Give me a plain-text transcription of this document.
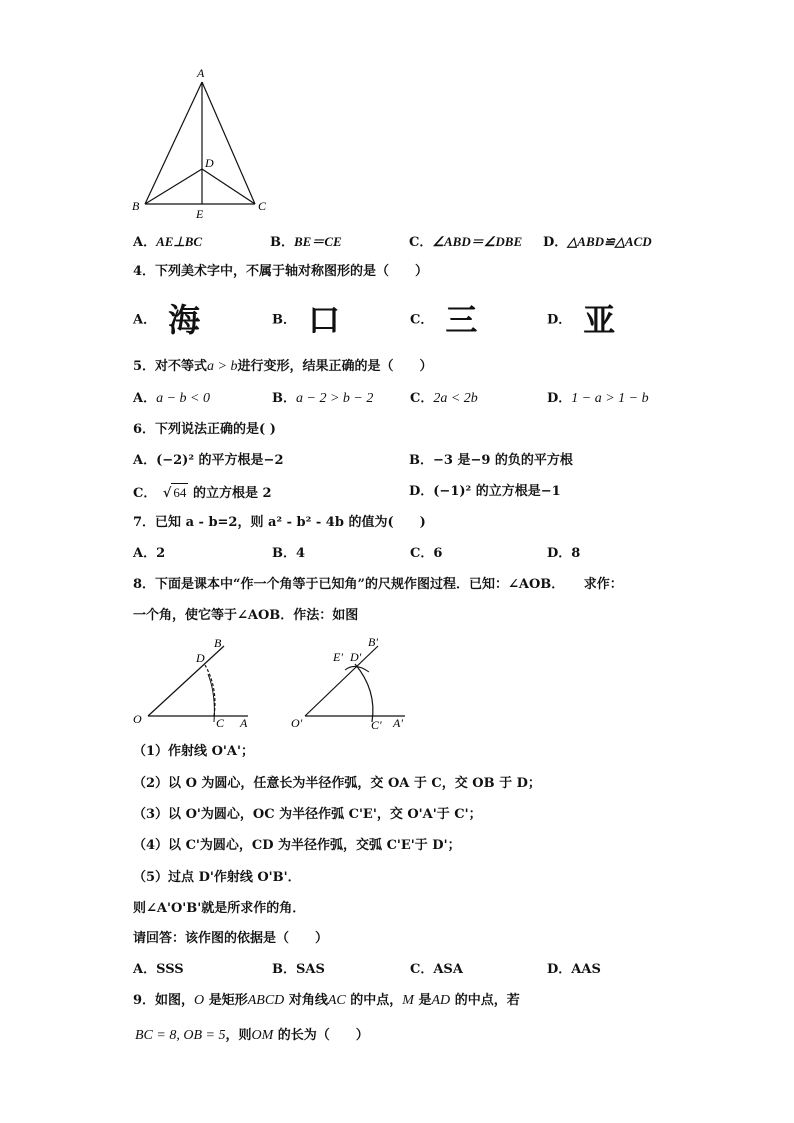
A
D
B
E
C
A．AE⊥BC	B．BE＝CE	C．∠ABD＝∠DBE D．△ABD≌△ACD
4．下列美术字中，不属于轴对称图形的是（　　）
A． 海	B． 口	C． 三	D． 亚
5．对不等式a > b进行变形，结果正确的是（　　）
A．a − b < 0	B．a − 2 > b − 2	C．2a < 2b	D．1 − a > 1 − b
6．下列说法正确的是( )
A．(−2)² 的平方根是−2	B．−3 是−9 的负的平方根
C． √ 64 的立方根是 2	D．(−1)² 的立方根是−1
7．已知 a - b=2，则 a² - b² - 4b 的值为(　　)
A．2	B．4	C．6	D．8
8．下面是课本中“作一个角等于已知角”的尺规作图过程．已知：∠AOB．　　求作：
一个角，使它等于∠AOB．作法：如图
B
D
O	C A
B'
E' D'
O'	C' A'
（1）作射线 O'A'；
（2）以 O 为圆心，任意长为半径作弧，交 OA 于 C，交 OB 于 D；
（3）以 O'为圆心，OC 为半径作弧 C'E'，交 O'A'于 C'；
（4）以 C'为圆心，CD 为半径作弧，交弧 C'E'于 D'；
（5）过点 D'作射线 O'B'．
则∠A'O'B'就是所求作的角．
请回答：该作图的依据是（　　）
A．SSS	B．SAS	C．ASA	D．AAS
9．如图，O 是矩形ABCD 对角线AC 的中点，M 是AD 的中点，若
BC = 8, OB = 5，则OM 的长为（　　）
